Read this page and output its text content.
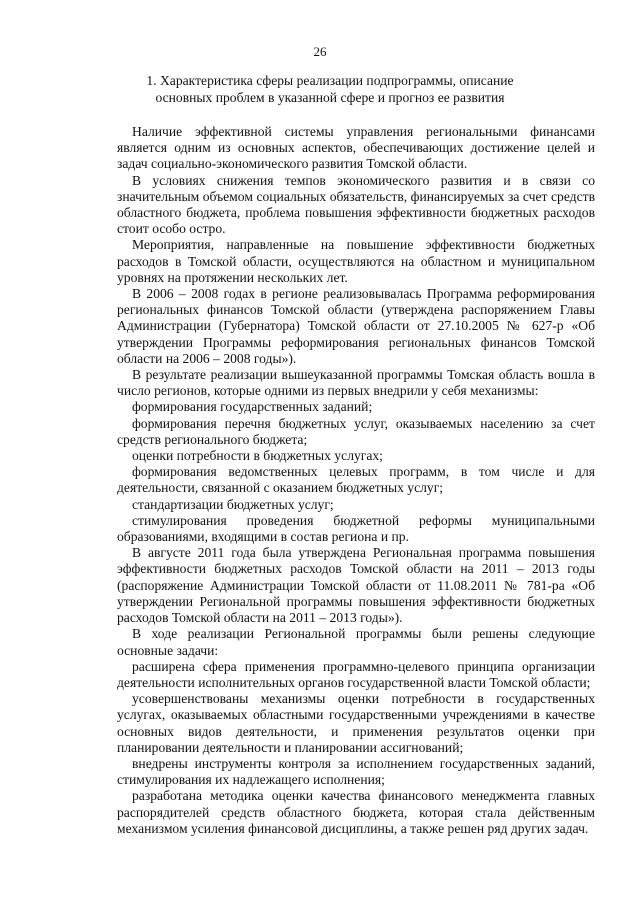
26
1. Характеристика сферы реализации подпрограммы, описание
основных проблем в указанной сфере и прогноз ее развития

Наличие эффективной системы управления региональными финансами является одним из основных аспектов, обеспечивающих достижение целей и задач социально-экономического развития Томской области.

В условиях снижения темпов экономического развития и в связи со значительным объемом социальных обязательств, финансируемых за счет средств областного бюджета, проблема повышения эффективности бюджетных расходов стоит особо остро.

Мероприятия, направленные на повышение эффективности бюджетных расходов в Томской области, осуществляются на областном и муниципальном уровнях на протяжении нескольких лет.

В 2006 – 2008 годах в регионе реализовывалась Программа реформирования региональных финансов Томской области (утверждена распоряжением Главы Администрации (Губернатора) Томской области от 27.10.2005 № 627-р «Об утверждении Программы реформирования региональных финансов Томской области на 2006 – 2008 годы»).

В результате реализации вышеуказанной программы Томская область вошла в число регионов, которые одними из первых внедрили у себя механизмы:

формирования государственных заданий;

формирования перечня бюджетных услуг, оказываемых населению за счет средств регионального бюджета;

оценки потребности в бюджетных услугах;

формирования ведомственных целевых программ, в том числе и для деятельности, связанной с оказанием бюджетных услуг;

стандартизации бюджетных услуг;

стимулирования проведения бюджетной реформы муниципальными образованиями, входящими в состав региона и пр.

В августе 2011 года была утверждена Региональная программа повышения эффективности бюджетных расходов Томской области на 2011 – 2013 годы (распоряжение Администрации Томской области от 11.08.2011 № 781-ра «Об утверждении Региональной программы повышения эффективности бюджетных расходов Томской области на 2011 – 2013 годы»).

В ходе реализации Региональной программы были решены следующие основные задачи:

расширена сфера применения программно-целевого принципа организации деятельности исполнительных органов государственной власти Томской области;

усовершенствованы механизмы оценки потребности в государственных услугах, оказываемых областными государственными учреждениями в качестве основных видов деятельности, и применения результатов оценки при планировании деятельности и планировании ассигнований;

внедрены инструменты контроля за исполнением государственных заданий, стимулирования их надлежащего исполнения;

разработана методика оценки качества финансового менеджмента главных распорядителей средств областного бюджета, которая стала действенным механизмом усиления финансовой дисциплины, а также решен ряд других задач.
